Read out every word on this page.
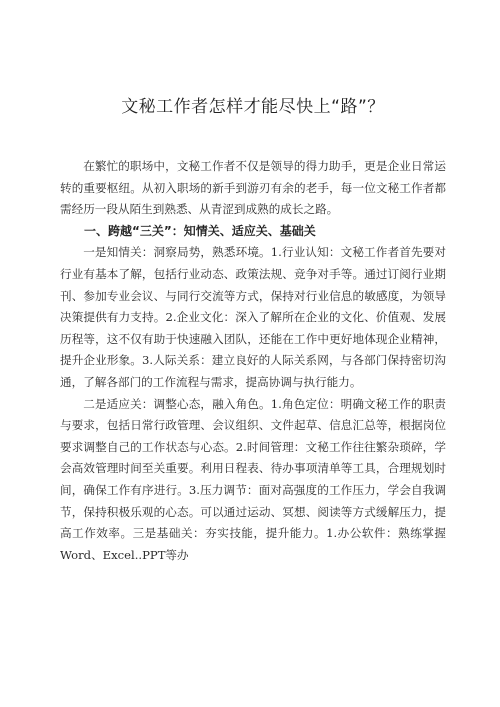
文秘工作者怎样才能尽快上“路”？

在繁忙的职场中，文秘工作者不仅是领导的得力助手，更是企业日常运转的重要枢纽。从初入职场的新手到游刃有余的老手，每一位文秘工作者都需经历一段从陌生到熟悉、从青涩到成熟的成长之路。

一、跨越“三关”：知情关、适应关、基础关

一是知情关：洞察局势，熟悉环境。1.行业认知：文秘工作者首先要对行业有基本了解，包括行业动态、政策法规、竞争对手等。通过订阅行业期刊、参加专业会议、与同行交流等方式，保持对行业信息的敏感度，为领导决策提供有力支持。2.企业文化：深入了解所在企业的文化、价值观、发展历程等，这不仅有助于快速融入团队，还能在工作中更好地体现企业精神，提升企业形象。3.人际关系：建立良好的人际关系网，与各部门保持密切沟通，了解各部门的工作流程与需求，提高协调与执行能力。

二是适应关：调整心态，融入角色。1.角色定位：明确文秘工作的职责与要求，包括日常行政管理、会议组织、文件起草、信息汇总等，根据岗位要求调整自己的工作状态与心态。2.时间管理：文秘工作往往繁杂琐碎，学会高效管理时间至关重要。利用日程表、待办事项清单等工具，合理规划时间，确保工作有序进行。3.压力调节：面对高强度的工作压力，学会自我调节，保持积极乐观的心态。可以通过运动、冥想、阅读等方式缓解压力，提高工作效率。三是基础关：夯实技能，提升能力。1.办公软件：熟练掌握Word、Excel..PPT等办
